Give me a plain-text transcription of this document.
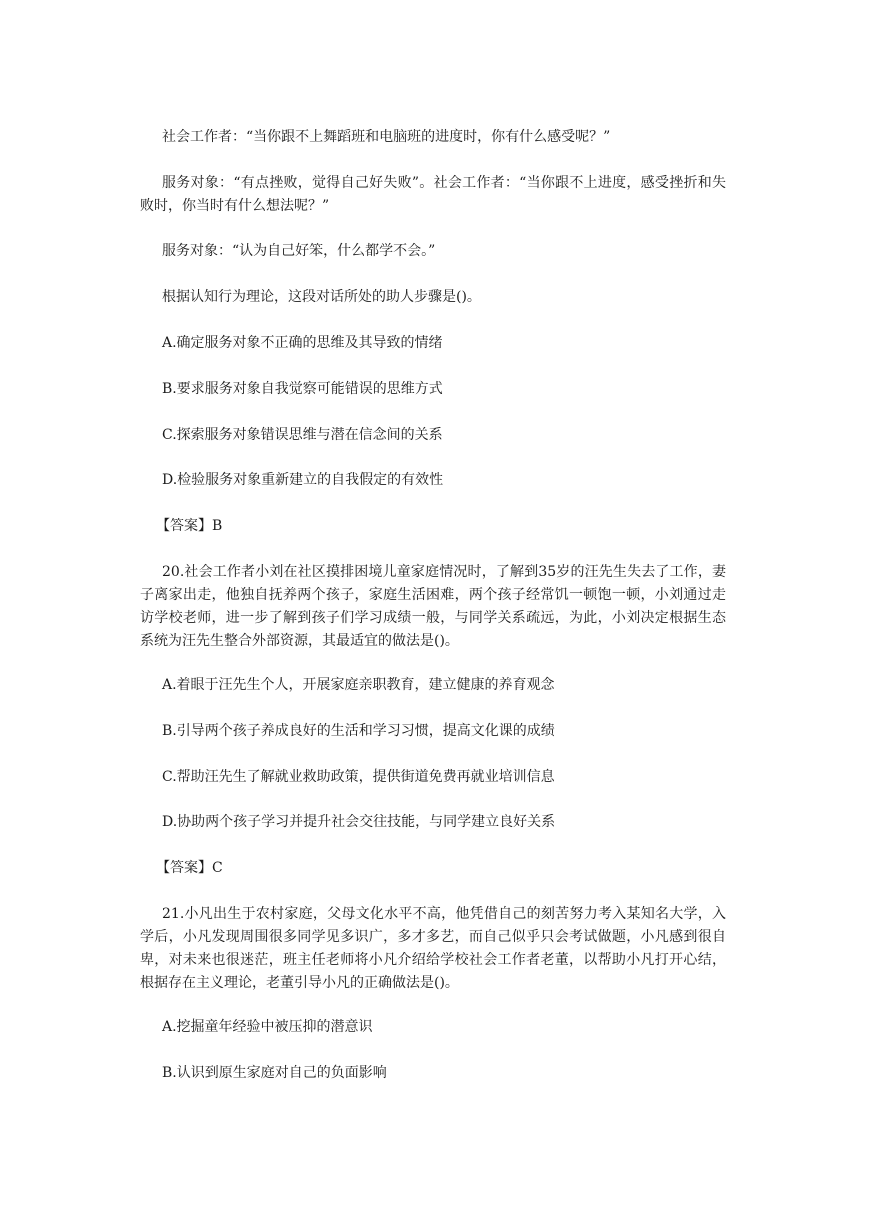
社会工作者：“当你跟不上舞蹈班和电脑班的进度时，你有什么感受呢？”

服务对象：“有点挫败，觉得自己好失败”。社会工作者：“当你跟不上进度，感受挫折和失败时，你当时有什么想法呢？”

服务对象：“认为自己好笨，什么都学不会。”

根据认知行为理论，这段对话所处的助人步骤是()。

A.确定服务对象不正确的思维及其导致的情绪

B.要求服务对象自我觉察可能错误的思维方式

C.探索服务对象错误思维与潜在信念间的关系

D.检验服务对象重新建立的自我假定的有效性

【答案】B

20.社会工作者小刘在社区摸排困境儿童家庭情况时，了解到35岁的汪先生失去了工作，妻子离家出走，他独自抚养两个孩子，家庭生活困难，两个孩子经常饥一顿饱一顿，小刘通过走访学校老师，进一步了解到孩子们学习成绩一般，与同学关系疏远，为此，小刘决定根据生态系统为汪先生整合外部资源，其最适宜的做法是()。

A.着眼于汪先生个人，开展家庭亲职教育，建立健康的养育观念

B.引导两个孩子养成良好的生活和学习习惯，提高文化课的成绩

C.帮助汪先生了解就业救助政策，提供街道免费再就业培训信息

D.协助两个孩子学习并提升社会交往技能，与同学建立良好关系

【答案】C

21.小凡出生于农村家庭，父母文化水平不高，他凭借自己的刻苦努力考入某知名大学，入学后，小凡发现周围很多同学见多识广，多才多艺，而自己似乎只会考试做题，小凡感到很自卑，对未来也很迷茫，班主任老师将小凡介绍给学校社会工作者老董，以帮助小凡打开心结，根据存在主义理论，老董引导小凡的正确做法是()。

A.挖掘童年经验中被压抑的潜意识

B.认识到原生家庭对自己的负面影响
